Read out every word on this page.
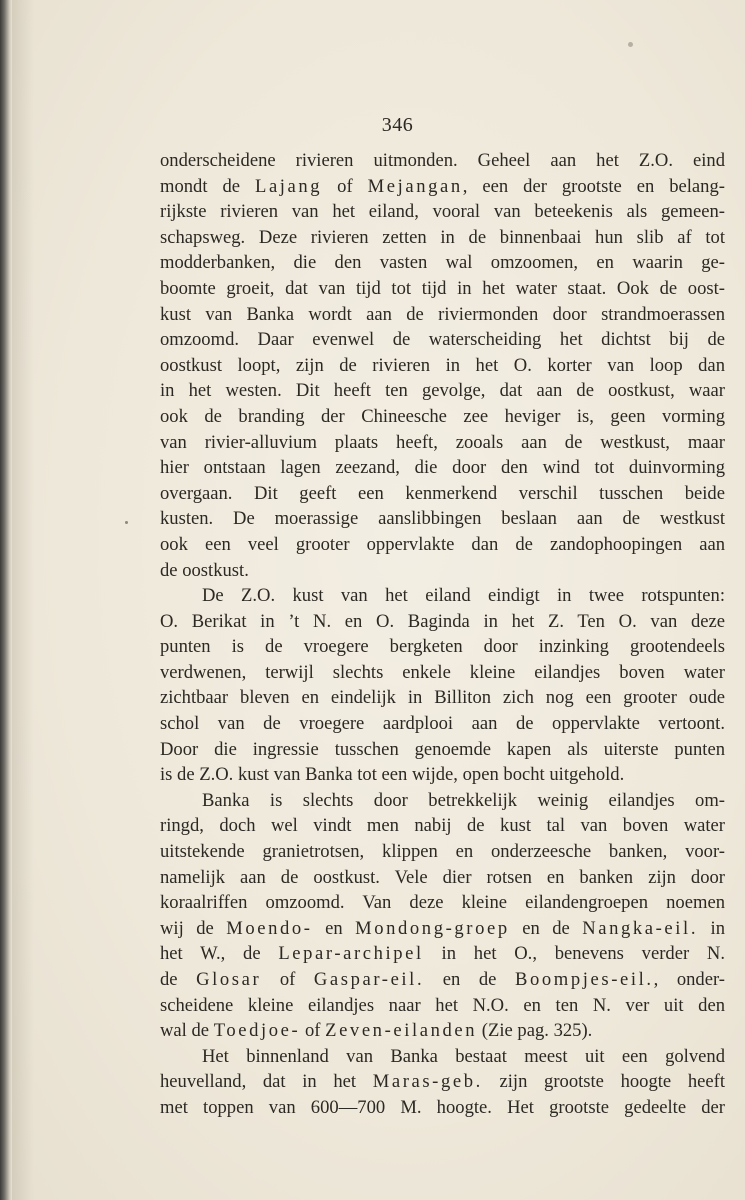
346
onderscheidene rivieren uitmonden. Geheel aan het Z.O. eind
mondt de Lajang of Mejangan, een der grootste en belang-
rijkste rivieren van het eiland, vooral van beteekenis als gemeen-
schapsweg. Deze rivieren zetten in de binnenbaai hun slib af tot
modderbanken, die den vasten wal omzoomen, en waarin ge-
boomte groeit, dat van tijd tot tijd in het water staat. Ook de oost-
kust van Banka wordt aan de riviermonden door strandmoerassen
omzoomd. Daar evenwel de waterscheiding het dichtst bij de
oostkust loopt, zijn de rivieren in het O. korter van loop dan
in het westen. Dit heeft ten gevolge, dat aan de oostkust, waar
ook de branding der Chineesche zee heviger is, geen vorming
van rivier-alluvium plaats heeft, zooals aan de westkust, maar
hier ontstaan lagen zeezand, die door den wind tot duinvorming
overgaan. Dit geeft een kenmerkend verschil tusschen beide
kusten. De moerassige aanslibbingen beslaan aan de westkust
ook een veel grooter oppervlakte dan de zandophoopingen aan
de oostkust.
De Z.O. kust van het eiland eindigt in twee rotspunten:
O. Berikat in ’t N. en O. Baginda in het Z. Ten O. van deze
punten is de vroegere bergketen door inzinking grootendeels
verdwenen, terwijl slechts enkele kleine eilandjes boven water
zichtbaar bleven en eindelijk in Billiton zich nog een grooter oude
schol van de vroegere aardplooi aan de oppervlakte vertoont.
Door die ingressie tusschen genoemde kapen als uiterste punten
is de Z.O. kust van Banka tot een wijde, open bocht uitgehold.
Banka is slechts door betrekkelijk weinig eilandjes om-
ringd, doch wel vindt men nabij de kust tal van boven water
uitstekende granietrotsen, klippen en onderzeesche banken, voor-
namelijk aan de oostkust. Vele dier rotsen en banken zijn door
koraalriffen omzoomd. Van deze kleine eilandengroepen noemen
wij de Moendo- en Mondong-groep en de Nangka-eil. in
het W., de Lepar-archipel in het O., benevens verder N.
de Glosar of Gaspar-eil. en de Boompjes-eil., onder-
scheidene kleine eilandjes naar het N.O. en ten N. ver uit den
wal de Toedjoe- of Zeven-eilanden (Zie pag. 325).
Het binnenland van Banka bestaat meest uit een golvend
heuvelland, dat in het Maras-geb. zijn grootste hoogte heeft
met toppen van 600—700 M. hoogte. Het grootste gedeelte der
